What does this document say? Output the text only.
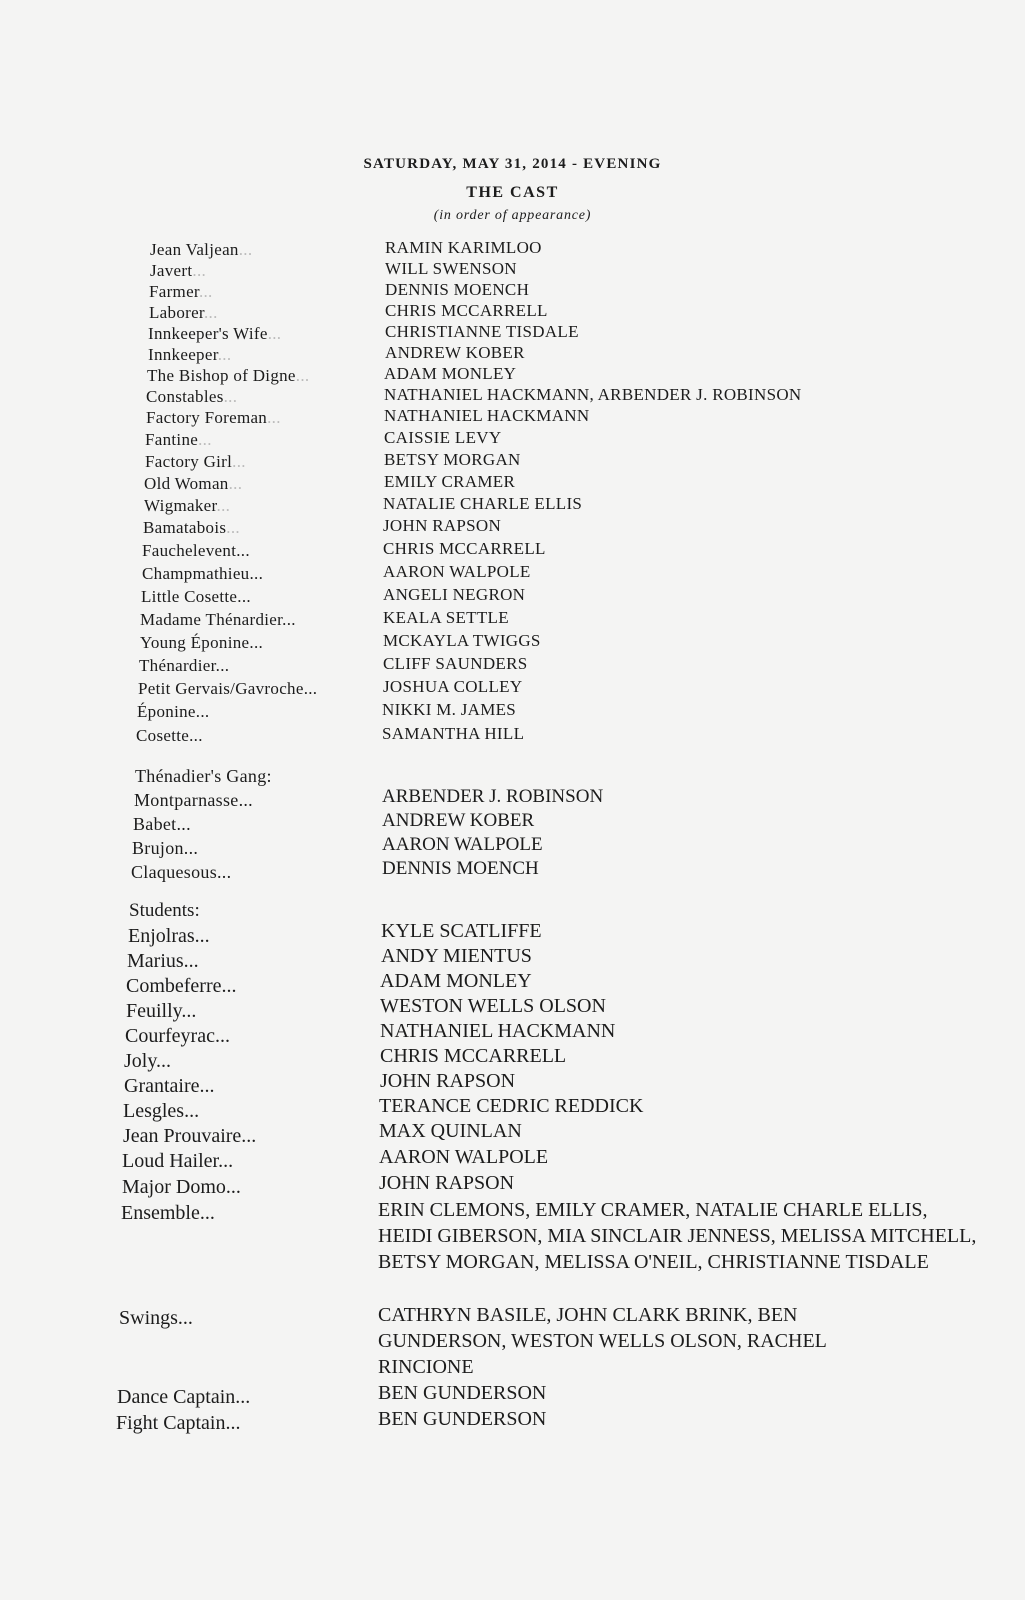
SATURDAY, MAY 31, 2014 - EVENING
THE CAST
(in order of appearance)
Jean Valjean...	RAMIN KARIMLOO
Javert...	WILL SWENSON
Farmer...	DENNIS MOENCH
Laborer...	CHRIS MCCARRELL
Innkeeper's Wife...	CHRISTIANNE TISDALE
Innkeeper...	ANDREW KOBER
The Bishop of Digne...	ADAM MONLEY
Constables...	NATHANIEL HACKMANN, ARBENDER J. ROBINSON
Factory Foreman...	NATHANIEL HACKMANN
Fantine...	CAISSIE LEVY
Factory Girl...	BETSY MORGAN
Old Woman...	EMILY CRAMER
Wigmaker...	NATALIE CHARLE ELLIS
Bamatabois...	JOHN RAPSON
Fauchelevent...	CHRIS MCCARRELL
Champmathieu...	AARON WALPOLE
Little Cosette...	ANGELI NEGRON
Madame Thénardier...	KEALA SETTLE
Young Éponine...	MCKAYLA TWIGGS
Thénardier...	CLIFF SAUNDERS
Petit Gervais/Gavroche...	JOSHUA COLLEY
Éponine...	NIKKI M. JAMES
Cosette...	SAMANTHA HILL
Thénadier's Gang:
Montparnasse...	ARBENDER J. ROBINSON
Babet...	ANDREW KOBER
Brujon...	AARON WALPOLE
Claquesous...	DENNIS MOENCH
Students:
Enjolras...	KYLE SCATLIFFE
Marius...	ANDY MIENTUS
Combeferre...	ADAM MONLEY
Feuilly...	WESTON WELLS OLSON
Courfeyrac...	NATHANIEL HACKMANN
Joly...	CHRIS MCCARRELL
Grantaire...	JOHN RAPSON
Lesgles...	TERANCE CEDRIC REDDICK
Jean Prouvaire...	MAX QUINLAN
Loud Hailer...	AARON WALPOLE
Major Domo...	JOHN RAPSON
Ensemble...	ERIN CLEMONS, EMILY CRAMER, NATALIE CHARLE ELLIS, HEIDI GIBERSON, MIA SINCLAIR JENNESS, MELISSA MITCHELL, BETSY MORGAN, MELISSA O'NEIL, CHRISTIANNE TISDALE
Swings...	CATHRYN BASILE, JOHN CLARK BRINK, BEN GUNDERSON, WESTON WELLS OLSON, RACHEL RINCIONE
Dance Captain...	BEN GUNDERSON
Fight Captain...	BEN GUNDERSON
